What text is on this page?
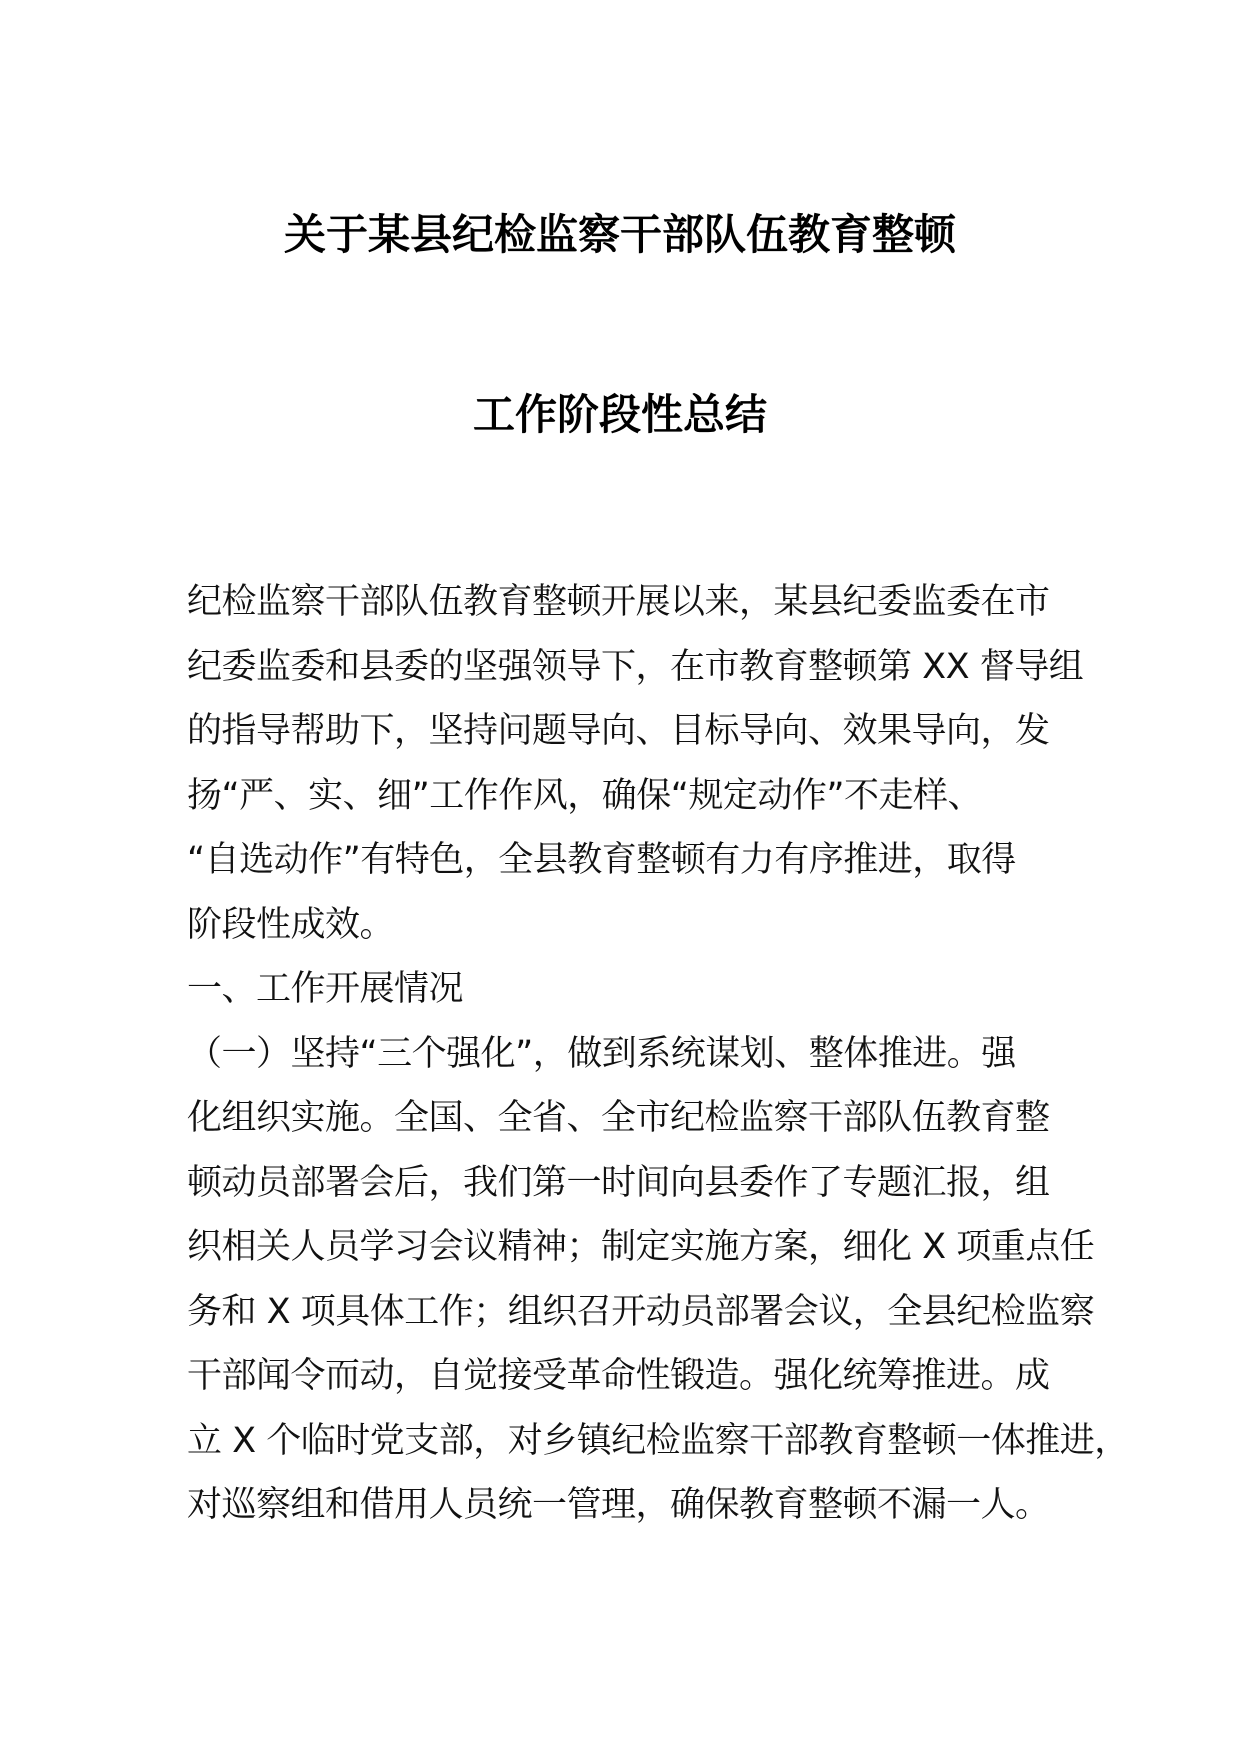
关于某县纪检监察干部队伍教育整顿
工作阶段性总结
纪检监察干部队伍教育整顿开展以来，某县纪委监委在市
纪委监委和县委的坚强领导下，在市教育整顿第 XX 督导组
的指导帮助下，坚持问题导向、目标导向、效果导向，发
扬“严、实、细”工作作风，确保“规定动作”不走样、
“自选动作”有特色，全县教育整顿有力有序推进，取得
阶段性成效。
一、工作开展情况
（一）坚持“三个强化”，做到系统谋划、整体推进。强
化组织实施。全国、全省、全市纪检监察干部队伍教育整
顿动员部署会后，我们第一时间向县委作了专题汇报，组
织相关人员学习会议精神；制定实施方案，细化 X 项重点任
务和 X 项具体工作；组织召开动员部署会议，全县纪检监察
干部闻令而动，自觉接受革命性锻造。强化统筹推进。成
立 X 个临时党支部，对乡镇纪检监察干部教育整顿一体推进，
对巡察组和借用人员统一管理，确保教育整顿不漏一人。
